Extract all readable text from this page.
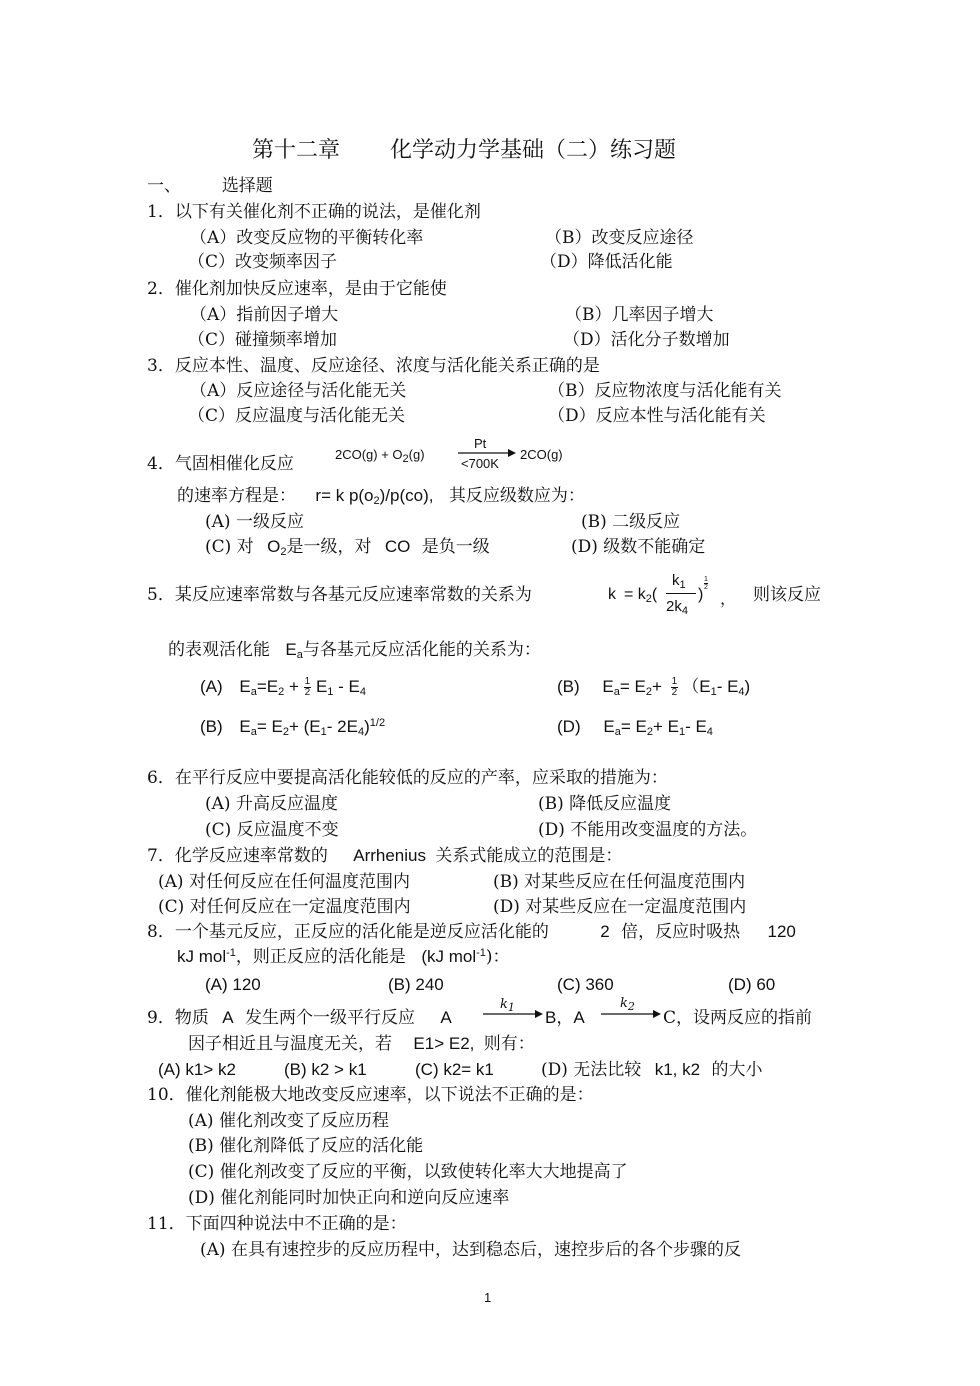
第十二章 化学动力学基础（二）练习题
一、 选择题
1．以下有关催化剂不正确的说法，是催化剂
（A）改变反应物的平衡转化率	（B）改变反应途径
（C）改变频率因子	（D）降低活化能
2．催化剂加快反应速率，是由于它能使
（A）指前因子增大	（B）几率因子增大
（C）碰撞频率增加	（D）活化分子数增加
3．反应本性、温度、反应途径、浓度与活化能关系正确的是
（A）反应途径与活化能无关	（B）反应物浓度与活化能有关
（C）反应温度与活化能无关	（D）反应本性与活化能有关
4．气固相催化反应	$2CO(g) + O_2(g)$
Pt
<700K
2CO(g)
的速率方程是： r= k $p(o_2)/p(co)$, 其反应级数应为：
(A) 一级反应	(B) 二级反应
(C) 对 $O_2$是一级，对 CO 是负一级	(D) 级数不能确定
5．某反应速率常数与各基元反应速率常数的关系为	$k = k_2$(
$k_1$
$2k_4$
)
1
2
， 则该反应
的表观活化能 $E_a$与各基元反应活化能的关系为：
(A) $E_a=E_2 + \frac{1}{2} E_1 - E_4$	(B) $E_a= E_2+ \frac{1}{2} (E_1-$ $E_4$)
(B) $E_a= E_2+ (E_1-$ $2E_4)^{1/2}$	(D) $E_a= E_2+ E_1-$ $E_4$
6．在平行反应中要提高活化能较低的反应的产率，应采取的措施为：
(A) 升高反应温度	(B) 降低反应温度
(C) 反应温度不变	(D) 不能用改变温度的方法。
7．化学反应速率常数的 Arrhenius 关系式能成立的范围是：
(A) 对任何反应在任何温度范围内	(B) 对某些反应在任何温度范围内
(C) 对任何反应在一定温度范围内	(D) 对某些反应在一定温度范围内
8．一个基元反应，正反应的活化能是逆反应活化能的	2 倍，反应时吸热 120
kJ mol$^{-1}$，则正反应的活化能是 (kJ mol$^{-1}$)：
(A) 120	(B) 240	(C) 360	(D) 60
9．物质 A 发生两个一级平行反应 A
$k_1$
B，A
$k_2$
C，设两反应的指前
因子相近且与温度无关，若 E1> E2, 则有：
(A) k1> k2	(B) k2 > k1	(C) k2= k1	(D) 无法比较 k1, k2 的大小
10．催化剂能极大地改变反应速率，以下说法不正确的是：
(A) 催化剂改变了反应历程
(B) 催化剂降低了反应的活化能
(C) 催化剂改变了反应的平衡，以致使转化率大大地提高了
(D) 催化剂能同时加快正向和逆向反应速率
11．下面四种说法中不正确的是：
(A) 在具有速控步的反应历程中，达到稳态后，速控步后的各个步骤的反
1
